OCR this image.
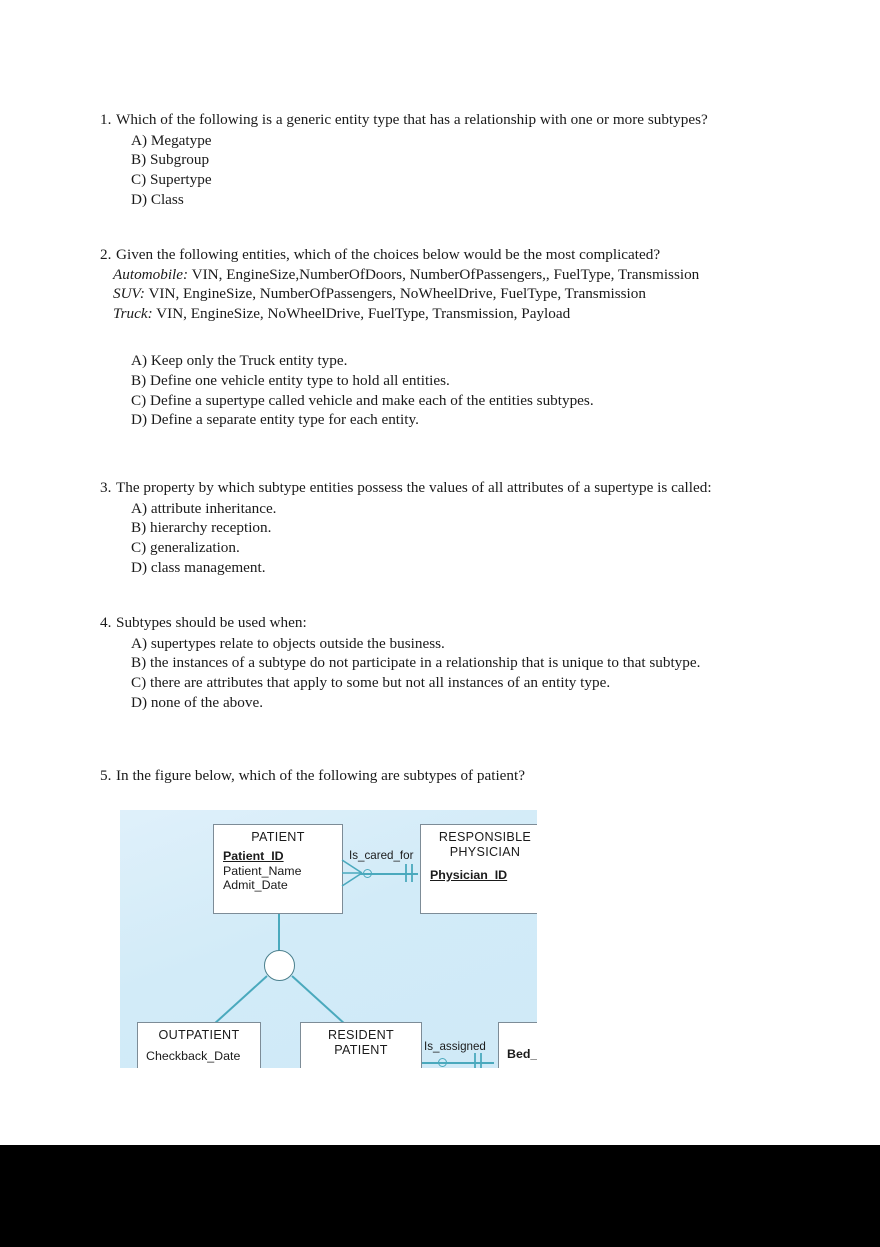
1. Which of the following is a generic entity type that has a relationship with one or more subtypes?
A) Megatype
B) Subgroup
C) Supertype
D) Class
2. Given the following entities, which of the choices below would be the most complicated?
Automobile: VIN, EngineSize,NumberOfDoors, NumberOfPassengers,, FuelType, Transmission
SUV: VIN, EngineSize, NumberOfPassengers, NoWheelDrive, FuelType, Transmission
Truck: VIN, EngineSize, NoWheelDrive, FuelType, Transmission, Payload
A) Keep only the Truck entity type.
B) Define one vehicle entity type to hold all entities.
C) Define a supertype called vehicle and make each of the entities subtypes.
D) Define a separate entity type for each entity.
3. The property by which subtype entities possess the values of all attributes of a supertype is called:
A) attribute inheritance.
B) hierarchy reception.
C) generalization.
D) class management.
4. Subtypes should be used when:
A) supertypes relate to objects outside the business.
B) the instances of a subtype do not participate in a relationship that is unique to that subtype.
C) there are attributes that apply to some but not all instances of an entity type.
D) none of the above.
5. In the figure below, which of the following are subtypes of patient?
PATIENT
Patient_ID
Patient_Name
Admit_Date
Is_cared_for
RESPONSIBLE
PHYSICIAN
Physician_ID
OUTPATIENT
Checkback_Date
RESIDENT
PATIENT	Is_assigned
Bed_
